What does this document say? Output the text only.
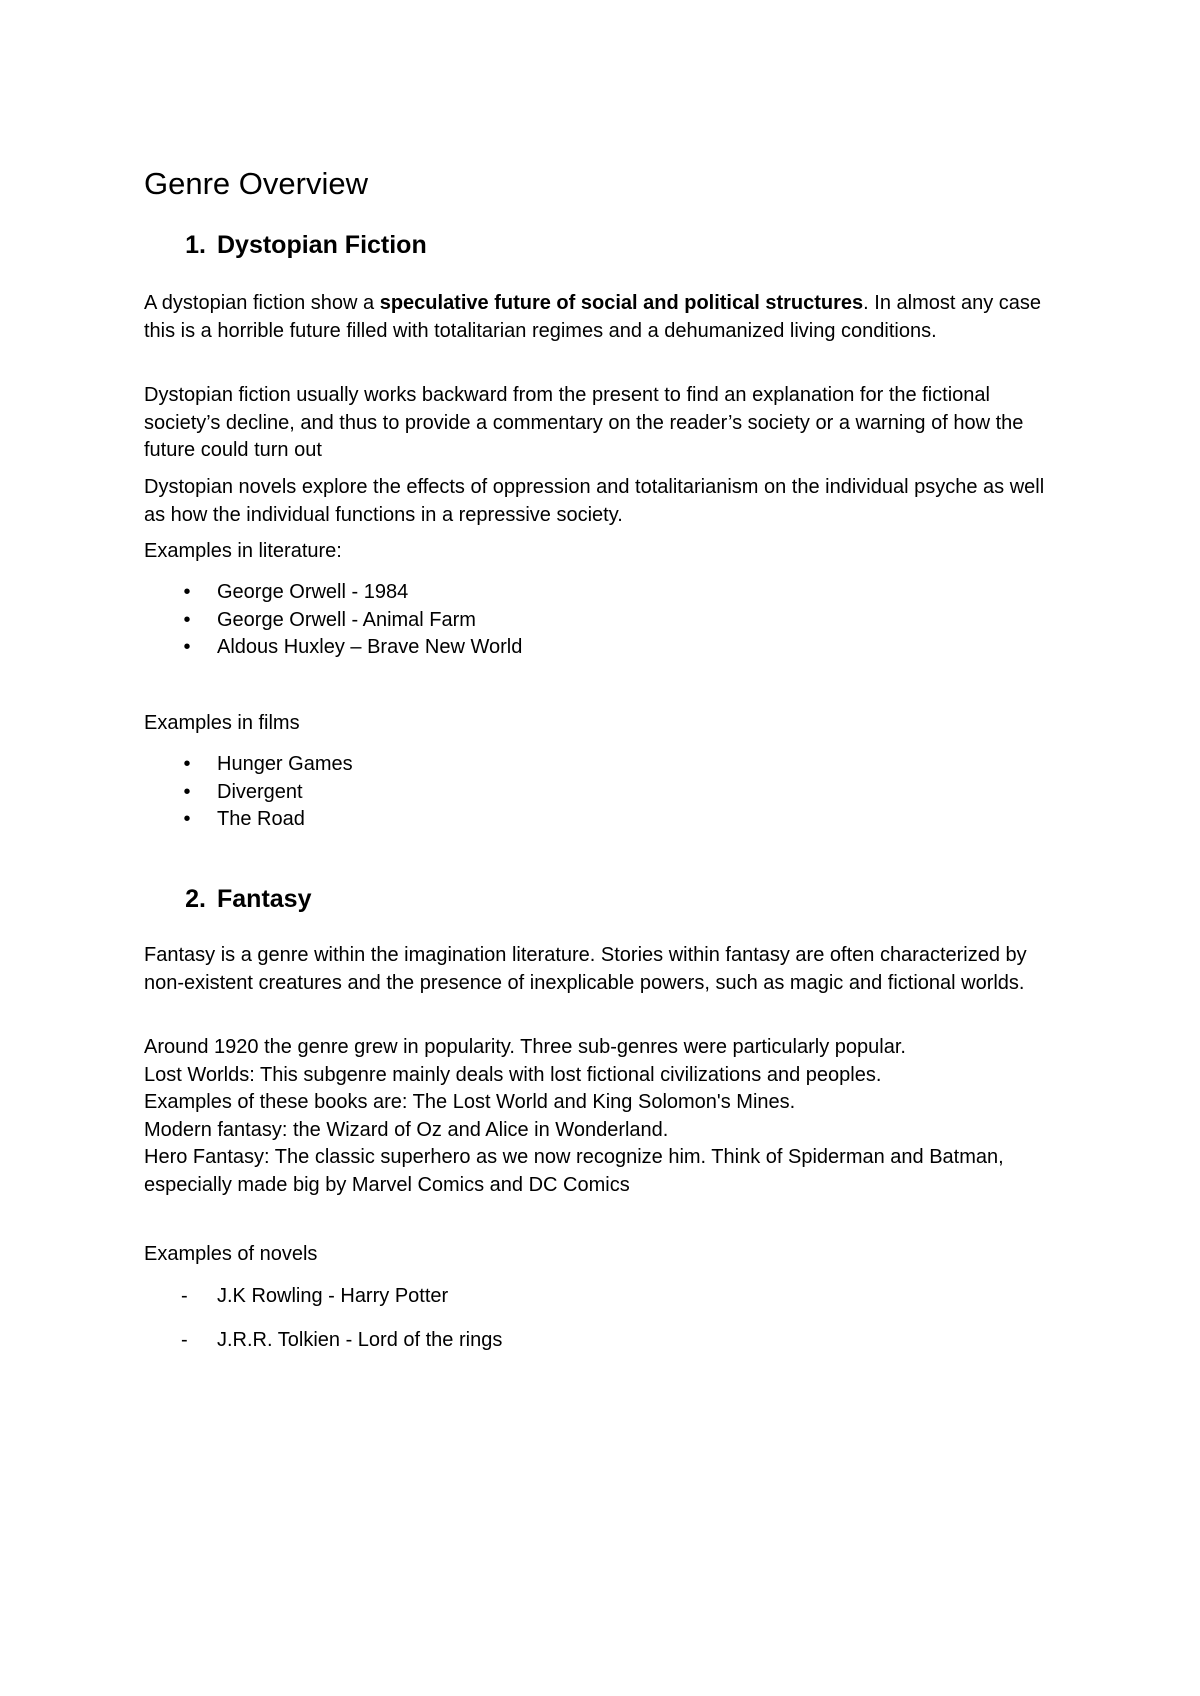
Genre Overview
1. Dystopian Fiction

A dystopian fiction show a speculative future of social and political structures. In almost any case this is a horrible future filled with totalitarian regimes and a dehumanized living conditions.

Dystopian fiction usually works backward from the present to find an explanation for the fictional society’s decline, and thus to provide a commentary on the reader’s society or a warning of how the future could turn out

Dystopian novels explore the effects of oppression and totalitarianism on the individual psyche as well as how the individual functions in a repressive society.

Examples in literature:

• George Orwell - 1984
• George Orwell - Animal Farm
• Aldous Huxley – Brave New World

Examples in films

• Hunger Games
• Divergent
• The Road
2. Fantasy

Fantasy is a genre within the imagination literature. Stories within fantasy are often characterized by non-existent creatures and the presence of inexplicable powers, such as magic and fictional worlds.

Around 1920 the genre grew in popularity. Three sub-genres were particularly popular.
Lost Worlds: This subgenre mainly deals with lost fictional civilizations and peoples.
Examples of these books are: The Lost World and King Solomon's Mines.
Modern fantasy: the Wizard of Oz and Alice in Wonderland.
Hero Fantasy: The classic superhero as we now recognize him. Think of Spiderman and Batman, especially made big by Marvel Comics and DC Comics

Examples of novels

- J.K Rowling - Harry Potter
- J.R.R. Tolkien - Lord of the rings
